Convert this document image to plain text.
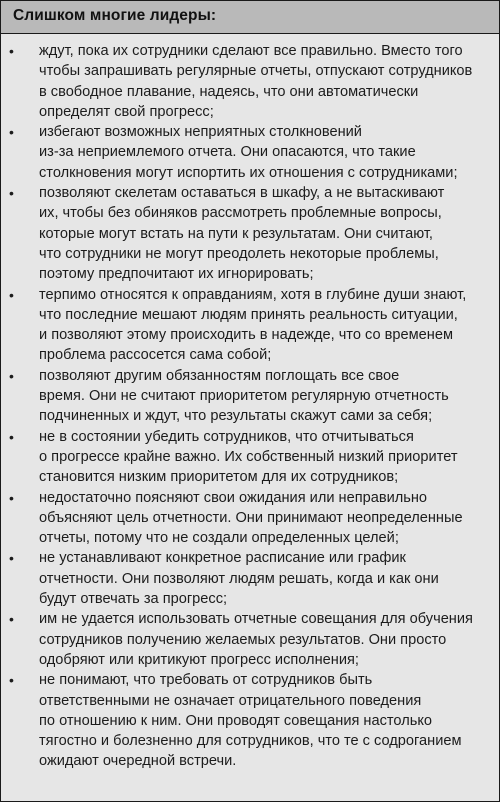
Слишком многие лидеры:
• ждут, пока их сотрудники сделают все правильно. Вместо того
чтобы запрашивать регулярные отчеты, отпускают сотрудников
в свободное плавание, надеясь, что они автоматически
определят свой прогресс;
• избегают возможных неприятных столкновений
из-за неприемлемого отчета. Они опасаются, что такие
столкновения могут испортить их отношения с сотрудниками;
• позволяют скелетам оставаться в шкафу, а не вытаскивают
их, чтобы без обиняков рассмотреть проблемные вопросы,
которые могут встать на пути к результатам. Они считают,
что сотрудники не могут преодолеть некоторые проблемы,
поэтому предпочитают их игнорировать;
• терпимо относятся к оправданиям, хотя в глубине души знают,
что последние мешают людям принять реальность ситуации,
и позволяют этому происходить в надежде, что со временем
проблема рассосется сама собой;
• позволяют другим обязанностям поглощать все свое
время. Они не считают приоритетом регулярную отчетность
подчиненных и ждут, что результаты скажут сами за себя;
• не в состоянии убедить сотрудников, что отчитываться
о прогрессе крайне важно. Их собственный низкий приоритет
становится низким приоритетом для их сотрудников;
• недостаточно поясняют свои ожидания или неправильно
объясняют цель отчетности. Они принимают неопределенные
отчеты, потому что не создали определенных целей;
• не устанавливают конкретное расписание или график
отчетности. Они позволяют людям решать, когда и как они
будут отвечать за прогресс;
• им не удается использовать отчетные совещания для обучения
сотрудников получению желаемых результатов. Они просто
одобряют или критикуют прогресс исполнения;
• не понимают, что требовать от сотрудников быть
ответственными не означает отрицательного поведения
по отношению к ним. Они проводят совещания настолько
тягостно и болезненно для сотрудников, что те с содроганием
ожидают очередной встречи.
